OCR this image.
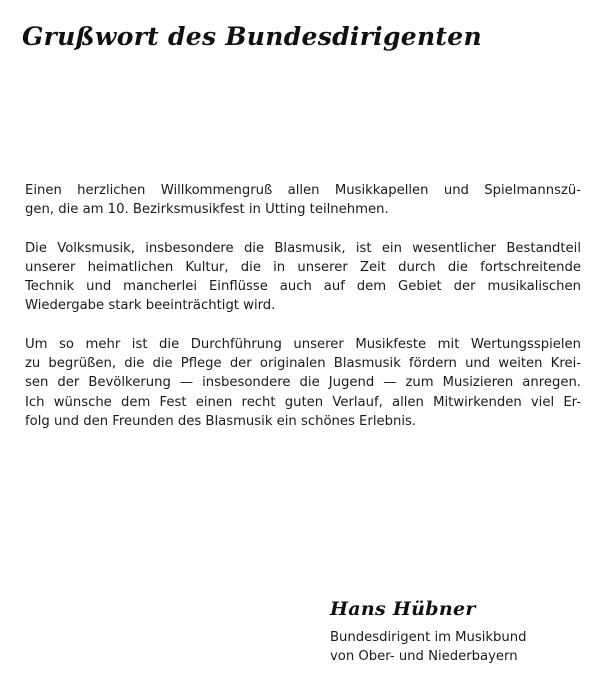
Grußwort des Bundesdirigenten

Einen herzlichen Willkommengruß allen Musikkapellen und Spielmannszü-
gen, die am 10. Bezirksmusikfest in Utting teilnehmen.

Die Volksmusik, insbesondere die Blasmusik, ist ein wesentlicher Bestandteil
unserer heimatlichen Kultur, die in unserer Zeit durch die fortschreitende
Technik und mancherlei Einflüsse auch auf dem Gebiet der musikalischen
Wiedergabe stark beeinträchtigt wird.

Um so mehr ist die Durchführung unserer Musikfeste mit Wertungsspielen
zu begrüßen, die die Pflege der originalen Blasmusik fördern und weiten Krei-
sen der Bevölkerung — insbesondere die Jugend — zum Musizieren anregen.
Ich wünsche dem Fest einen recht guten Verlauf, allen Mitwirkenden viel Er-
folg und den Freunden des Blasmusik ein schönes Erlebnis.

Hans Hübner
Bundesdirigent im Musikbund
von Ober- und Niederbayern
